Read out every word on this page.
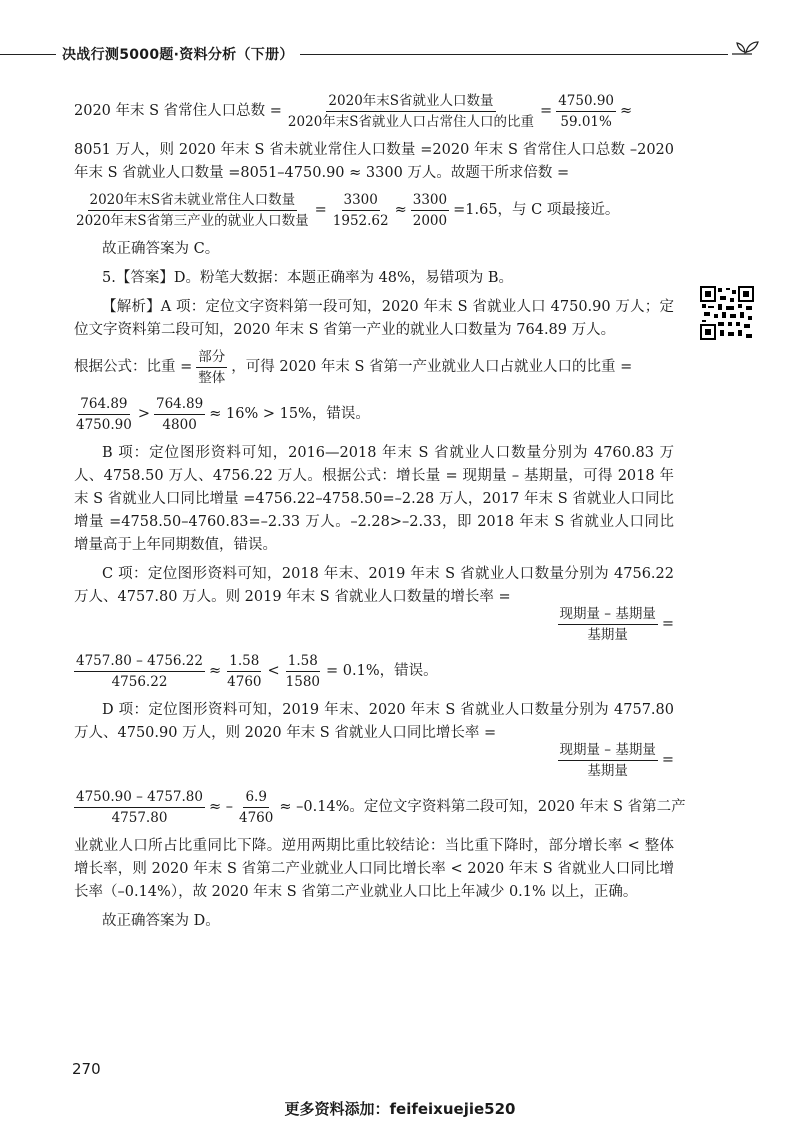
决战行测5000题·资料分析（下册）
2020 年末 S 省常住人口总数 = $\frac{\text{2020年末S省就业人口数量}}{\text{2020年末S省就业人口占常住人口的比重}} = \frac{4750.90}{59.01\%}$ ≈

8051 万人，则 2020 年末 S 省未就业常住人口数量 =2020 年末 S 省常住人口总数 –2020 年末 S 省就业人口数量 =8051–4750.90 ≈ 3300 万人。故题干所求倍数 =

$\frac{\text{2020年末S省未就业常住人口数量}}{\text{2020年末S省第三产业的就业人口数量}} = \frac{3300}{1952.62} \approx \frac{3300}{2000} =1.65$，与 C 项最接近。

故正确答案为 C。

5.【答案】D。粉笔大数据：本题正确率为 48%，易错项为 B。

【解析】A 项：定位文字资料第一段可知，2020 年末 S 省就业人口 4750.90 万人；定位文字资料第二段可知，2020 年末 S 省第一产业的就业人口数量为 764.89 万人。

根据公式：比重 = $\frac{\text{部分}}{\text{整体}}$ ，可得 2020 年末 S 省第一产业就业人口占就业人口的比重 =
$\frac{764.89}{4750.90} > \frac{764.89}{4800} \approx 16\% > 15\%$，错误。

B 项：定位图形资料可知，2016—2018 年末 S 省就业人口数量分别为 4760.83 万人、4758.50 万人、4756.22 万人。根据公式：增长量 = 现期量 – 基期量，可得 2018 年末 S 省就业人口同比增量 =4756.22–4758.50=–2.28 万人，2017 年末 S 省就业人口同比增量 =4758.50–4760.83=–2.33 万人。–2.28>–2.33，即 2018 年末 S 省就业人口同比增量高于上年同期数值，错误。

C 项：定位图形资料可知，2018 年末、2019 年末 S 省就业人口数量分别为 4756.22 万人、4757.80 万人。则 2019 年末 S 省就业人口数量的增长率 =

$\frac{\text{现期量 – 基期量}}{\text{基期量}}$ =
$\frac{4757.80 - 4756.22}{4756.22} \approx \frac{1.58}{4760} < \frac{1.58}{1580} = 0.1\%$，错误。

D 项：定位图形资料可知，2019 年末、2020 年末 S 省就业人口数量分别为 4757.80 万人、4750.90 万人，则 2020 年末 S 省就业人口同比增长率 =

$\frac{\text{现期量 – 基期量}}{\text{基期量}}$ =
$\frac{4750.90 - 4757.80}{4757.80}$ ≈ – $\frac{6.9}{4760} \approx -0.14\%$。定位文字资料第二段可知，2020 年末 S 省第二产

业就业人口所占比重同比下降。逆用两期比重比较结论：当比重下降时，部分增长率 < 整体增长率，则 2020 年末 S 省第二产业就业人口同比增长率 < 2020 年末 S 省就业人口同比增长率（–0.14%），故 2020 年末 S 省第二产业就业人口比上年减少 0.1% 以上，正确。

故正确答案为 D。

270
更多资料添加：feifeixuejie520
